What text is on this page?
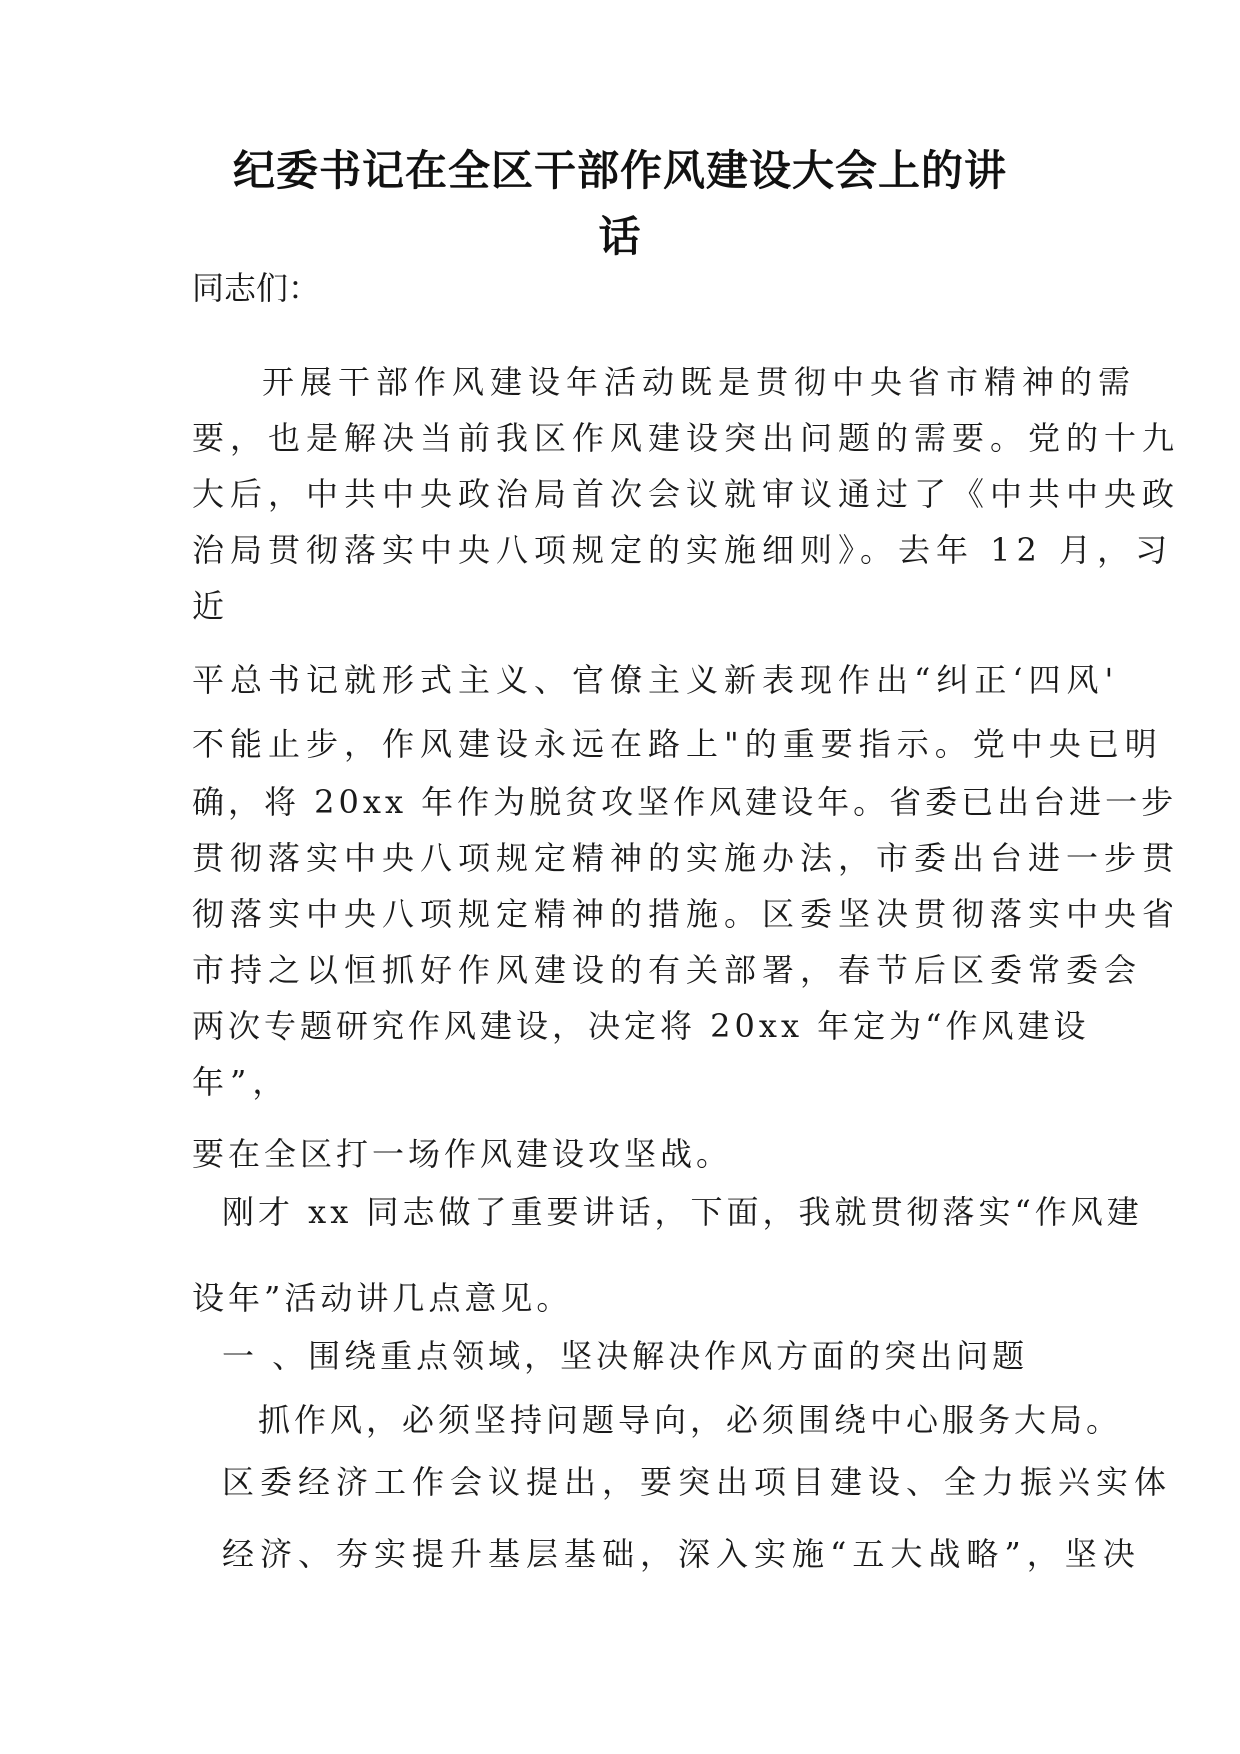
纪委书记在全区干部作风建设大会上的讲
话
同志们：
开展干部作风建设年活动既是贯彻中央省市精神的需
要，也是解决当前我区作风建设突出问题的需要。党的十九
大后，中共中央政治局首次会议就审议通过了《中共中央政
治局贯彻落实中央八项规定的实施细则》。去年 12 月，习
近
平总书记就形式主义、官僚主义新表现作出“纠正‘四风'
不能止步，作风建设永远在路上"的重要指示。党中央已明
确，将 20xx 年作为脱贫攻坚作风建设年。省委已出台进一步
贯彻落实中央八项规定精神的实施办法，市委出台进一步贯
彻落实中央八项规定精神的措施。区委坚决贯彻落实中央省
市持之以恒抓好作风建设的有关部署，春节后区委常委会
两次专题研究作风建设，决定将 20xx 年定为“作风建设
年”，
要在全区打一场作风建设攻坚战。
刚才 xx 同志做了重要讲话，下面，我就贯彻落实“作风建
设年”活动讲几点意见。
一 、围绕重点领域，坚决解决作风方面的突出问题
抓作风，必须坚持问题导向，必须围绕中心服务大局。
区委经济工作会议提出，要突出项目建设、全力振兴实体
经济、夯实提升基层基础，深入实施“五大战略”，坚决
